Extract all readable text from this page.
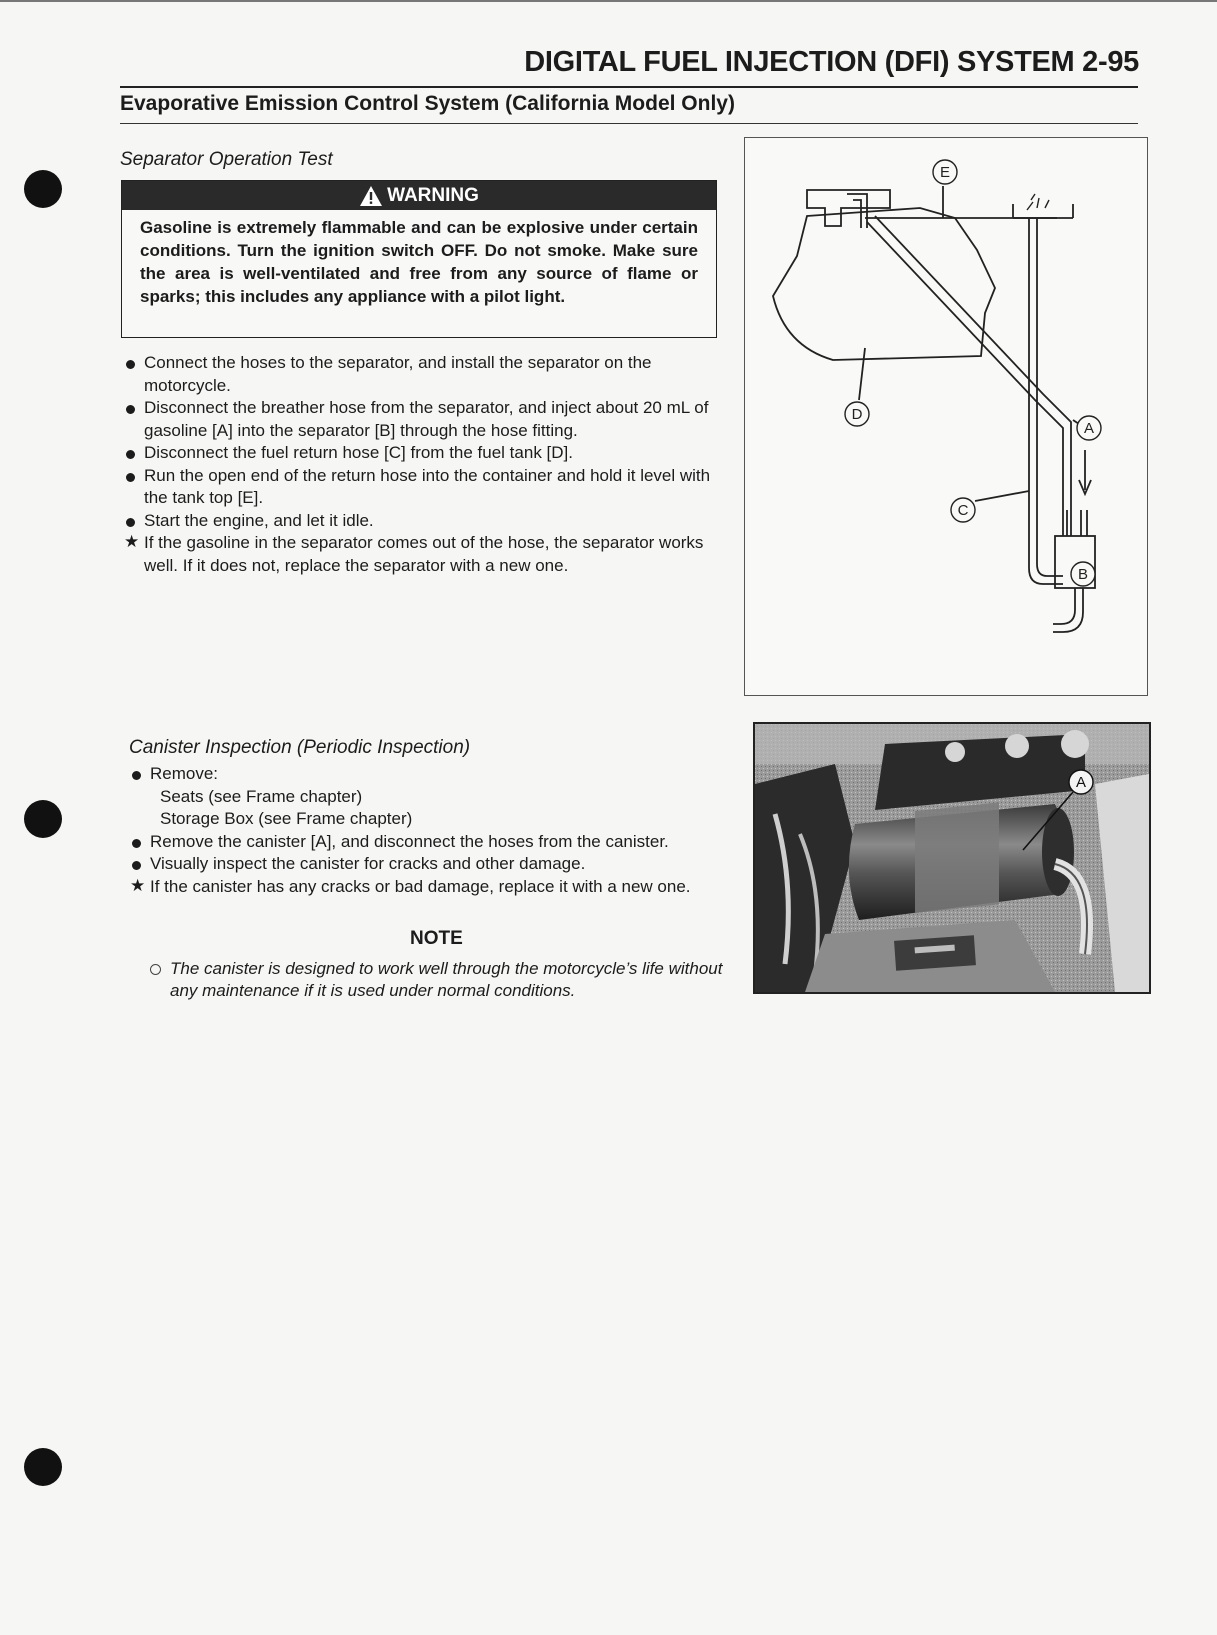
DIGITAL FUEL INJECTION (DFI) SYSTEM 2-95
Evaporative Emission Control System (California Model Only)
Separator Operation Test
WARNING
Gasoline is extremely flammable and can be explosive under certain conditions. Turn the ignition switch OFF. Do not smoke. Make sure the area is well-ventilated and free from any source of flame or sparks; this includes any appliance with a pilot light.
Connect the hoses to the separator, and install the separator on the motorcycle.
Disconnect the breather hose from the separator, and inject about 20 mL of gasoline [A] into the separator [B] through the hose fitting.
Disconnect the fuel return hose [C] from the fuel tank [D].
Run the open end of the return hose into the container and hold it level with the tank top [E].
Start the engine, and let it idle.
★ If the gasoline in the separator comes out of the hose, the separator works well. If it does not, replace the separator with a new one.
E
D
A
C
B
Canister Inspection (Periodic Inspection)
Remove:
Seats (see Frame chapter)
Storage Box (see Frame chapter)
Remove the canister [A], and disconnect the hoses from the canister.
Visually inspect the canister for cracks and other damage.
★ If the canister has any cracks or bad damage, replace it with a new one.
NOTE
The canister is designed to work well through the motorcycle’s life without any maintenance if it is used under normal conditions.
A
